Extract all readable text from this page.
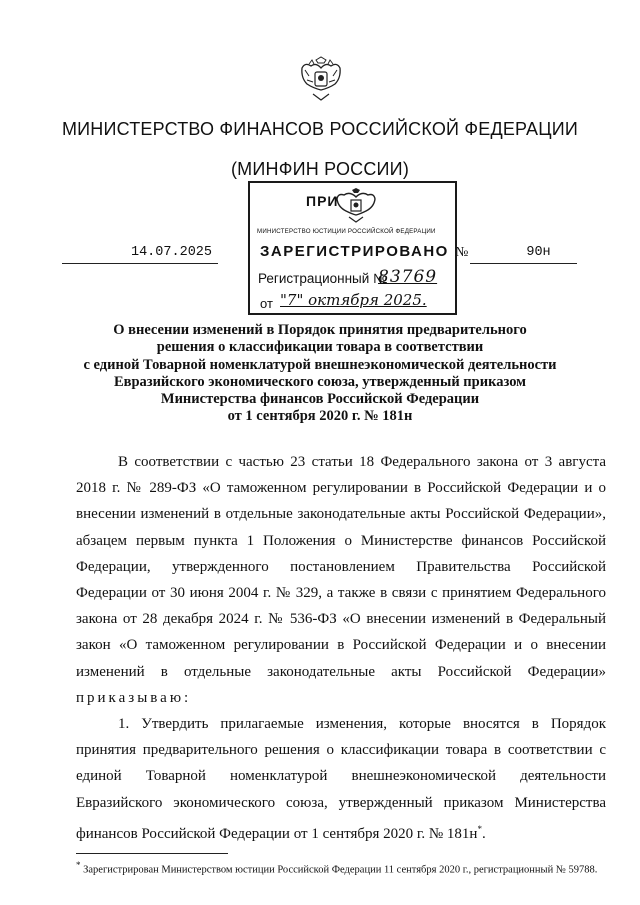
МИНИСТЕРСТВО ФИНАНСОВ РОССИЙСКОЙ ФЕДЕРАЦИИ
(МИНФИН РОССИИ)
14.07.2025	№	90н
ПРИ
МИНИСТЕРСТВО ЮСТИЦИИ РОССИЙСКОЙ ФЕДЕРАЦИИ
ЗАРЕГИСТРИРОВАНО
Регистрационный №
83769
от "7" октября 2025.
О внесении изменений в Порядок принятия предварительного
решения о классификации товара в соответствии
с единой Товарной номенклатурой внешнеэкономической деятельности
Евразийского экономического союза, утвержденный приказом
Министерства финансов Российской Федерации
от 1 сентября 2020 г. № 181н

В соответствии с частью 23 статьи 18 Федерального закона от 3 августа 2018 г. № 289-ФЗ «О таможенном регулировании в Российской Федерации и о внесении изменений в отдельные законодательные акты Российской Федерации», абзацем первым пункта 1 Положения о Министерстве финансов Российской Федерации, утвержденного постановлением Правительства Российской Федерации от 30 июня 2004 г. № 329, а также в связи с принятием Федерального закона от 28 декабря 2024 г. № 536-ФЗ «О внесении изменений в Федеральный закон «О таможенном регулировании в Российской Федерации и о внесении изменений в отдельные законодательные акты Российской Федерации» приказываю:

1. Утвердить прилагаемые изменения, которые вносятся в Порядок принятия предварительного решения о классификации товара в соответствии с единой Товарной номенклатурой внешнеэкономической деятельности Евразийского экономического союза, утвержденный приказом Министерства финансов Российской Федерации от 1 сентября 2020 г. № 181н*.

* Зарегистрирован Министерством юстиции Российской Федерации 11 сентября 2020 г., регистрационный № 59788.
